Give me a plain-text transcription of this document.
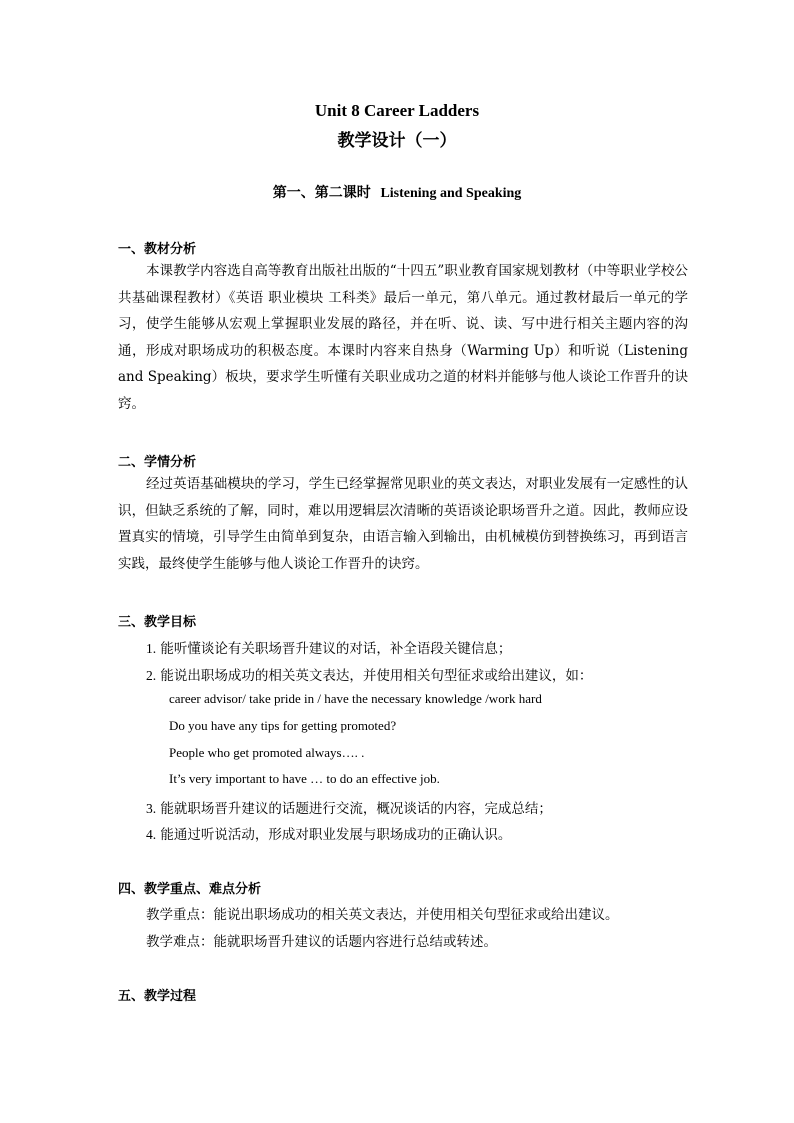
Unit 8 Career Ladders
教学设计（一）
第一、第二课时 Listening and Speaking
一、教材分析
本课教学内容选自高等教育出版社出版的“十四五”职业教育国家规划教材（中等职业学校公共基础课程教材）《英语 职业模块 工科类》最后一单元，第八单元。通过教材最后一单元的学习，使学生能够从宏观上掌握职业发展的路径，并在听、说、读、写中进行相关主题内容的沟通，形成对职场成功的积极态度。本课时内容来自热身（Warming Up）和听说（Listening and Speaking）板块，要求学生听懂有关职业成功之道的材料并能够与他人谈论工作晋升的诀窍。
二、学情分析
经过英语基础模块的学习，学生已经掌握常见职业的英文表达，对职业发展有一定感性的认识，但缺乏系统的了解，同时，难以用逻辑层次清晰的英语谈论职场晋升之道。因此，教师应设置真实的情境，引导学生由简单到复杂，由语言输入到输出，由机械模仿到替换练习，再到语言实践，最终使学生能够与他人谈论工作晋升的诀窍。
三、教学目标
1. 能听懂谈论有关职场晋升建议的对话，补全语段关键信息；
2. 能说出职场成功的相关英文表达，并使用相关句型征求或给出建议，如：
career advisor/ take pride in / have the necessary knowledge /work hard
Do you have any tips for getting promoted?
People who get promoted always…. .
It’s very important to have … to do an effective job.
3. 能就职场晋升建议的话题进行交流，概况谈话的内容，完成总结；
4. 能通过听说活动，形成对职业发展与职场成功的正确认识。
四、教学重点、难点分析
教学重点：能说出职场成功的相关英文表达，并使用相关句型征求或给出建议。
教学难点：能就职场晋升建议的话题内容进行总结或转述。
五、教学过程
